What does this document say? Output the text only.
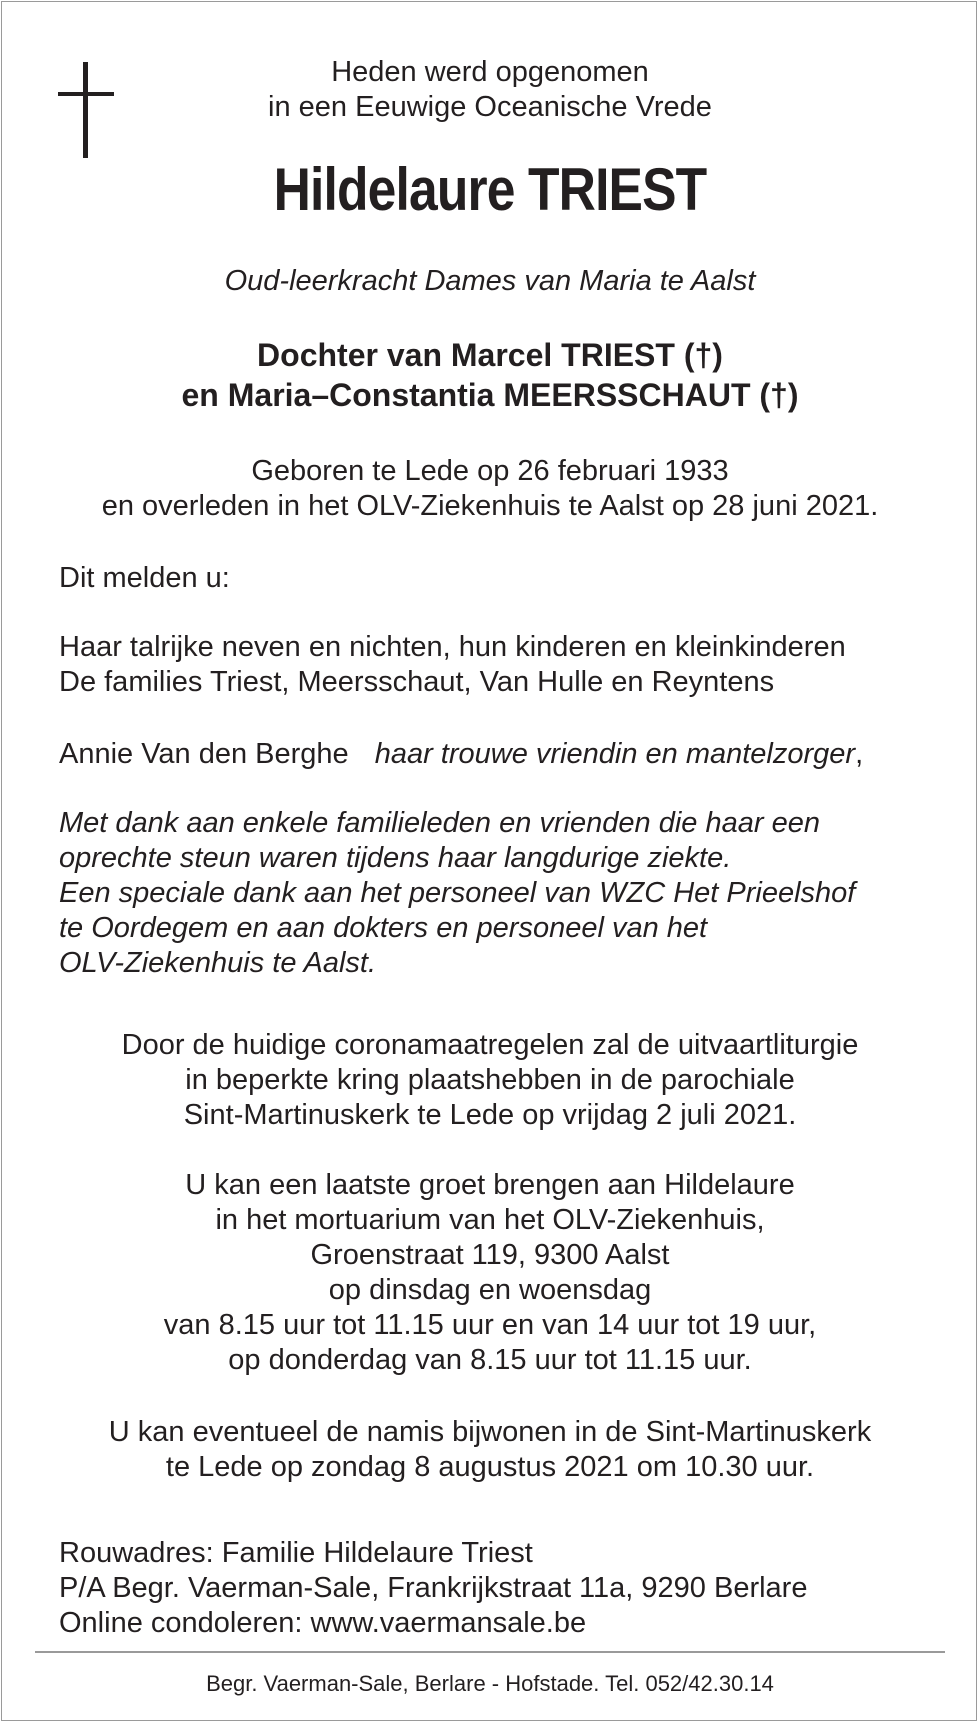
Heden werd opgenomen
in een Eeuwige Oceanische Vrede
Hildelaure TRIEST
Oud-leerkracht Dames van Maria te Aalst
Dochter van Marcel TRIEST (†)
en Maria–Constantia MEERSSCHAUT (†)
Geboren te Lede op 26 februari 1933
en overleden in het OLV-Ziekenhuis te Aalst op 28 juni 2021.
Dit melden u:
Haar talrijke neven en nichten, hun kinderen en kleinkinderen
De families Triest, Meersschaut, Van Hulle en Reyntens
Annie Van den Berghe haar trouwe vriendin en mantelzorger,
Met dank aan enkele familieleden en vrienden die haar een
oprechte steun waren tijdens haar langdurige ziekte.
Een speciale dank aan het personeel van WZC Het Prieelshof
te Oordegem en aan dokters en personeel van het
OLV-Ziekenhuis te Aalst.
Door de huidige coronamaatregelen zal de uitvaartliturgie
in beperkte kring plaatshebben in de parochiale
Sint-Martinuskerk te Lede op vrijdag 2 juli 2021.
U kan een laatste groet brengen aan Hildelaure
in het mortuarium van het OLV-Ziekenhuis,
Groenstraat 119, 9300 Aalst
op dinsdag en woensdag
van 8.15 uur tot 11.15 uur en van 14 uur tot 19 uur,
op donderdag van 8.15 uur tot 11.15 uur.
U kan eventueel de namis bijwonen in de Sint-Martinuskerk
te Lede op zondag 8 augustus 2021 om 10.30 uur.
Rouwadres: Familie Hildelaure Triest
P/A Begr. Vaerman-Sale, Frankrijkstraat 11a, 9290 Berlare
Online condoleren: www.vaermansale.be
Begr. Vaerman-Sale, Berlare - Hofstade. Tel. 052/42.30.14
